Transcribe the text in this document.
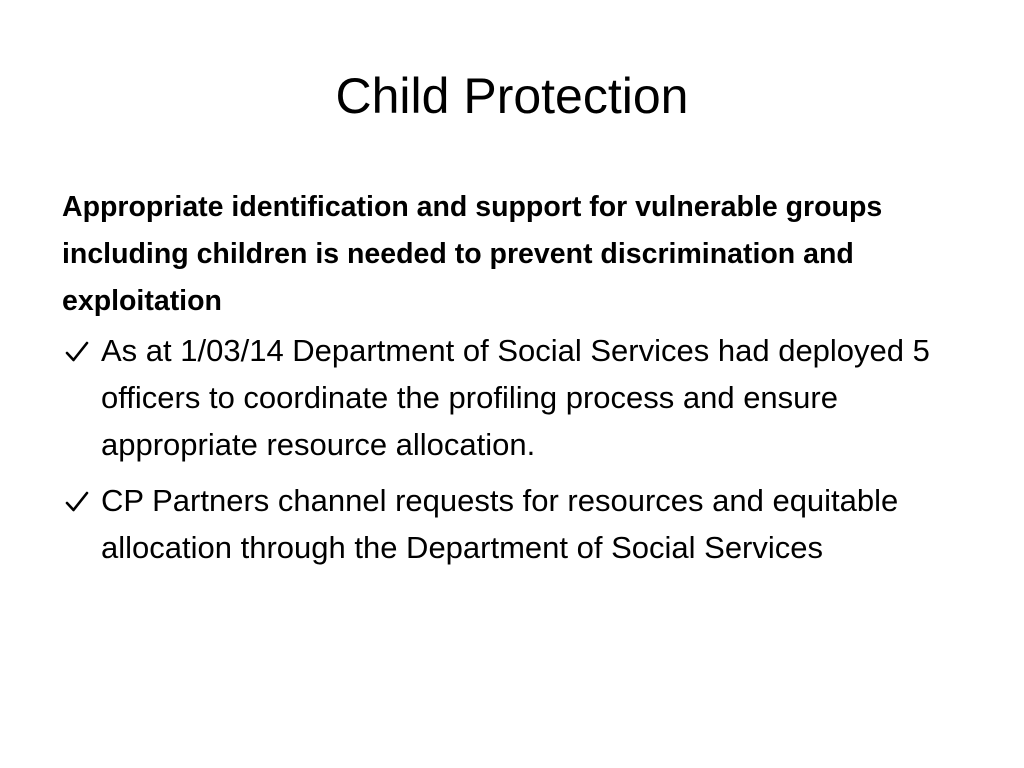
Child Protection

Appropriate identification and support for vulnerable groups including children is needed to prevent discrimination and exploitation

As at 1/03/14 Department of Social Services had deployed 5 officers to coordinate the profiling process and ensure appropriate resource allocation.
CP Partners channel requests for resources and equitable allocation through the Department of Social Services
